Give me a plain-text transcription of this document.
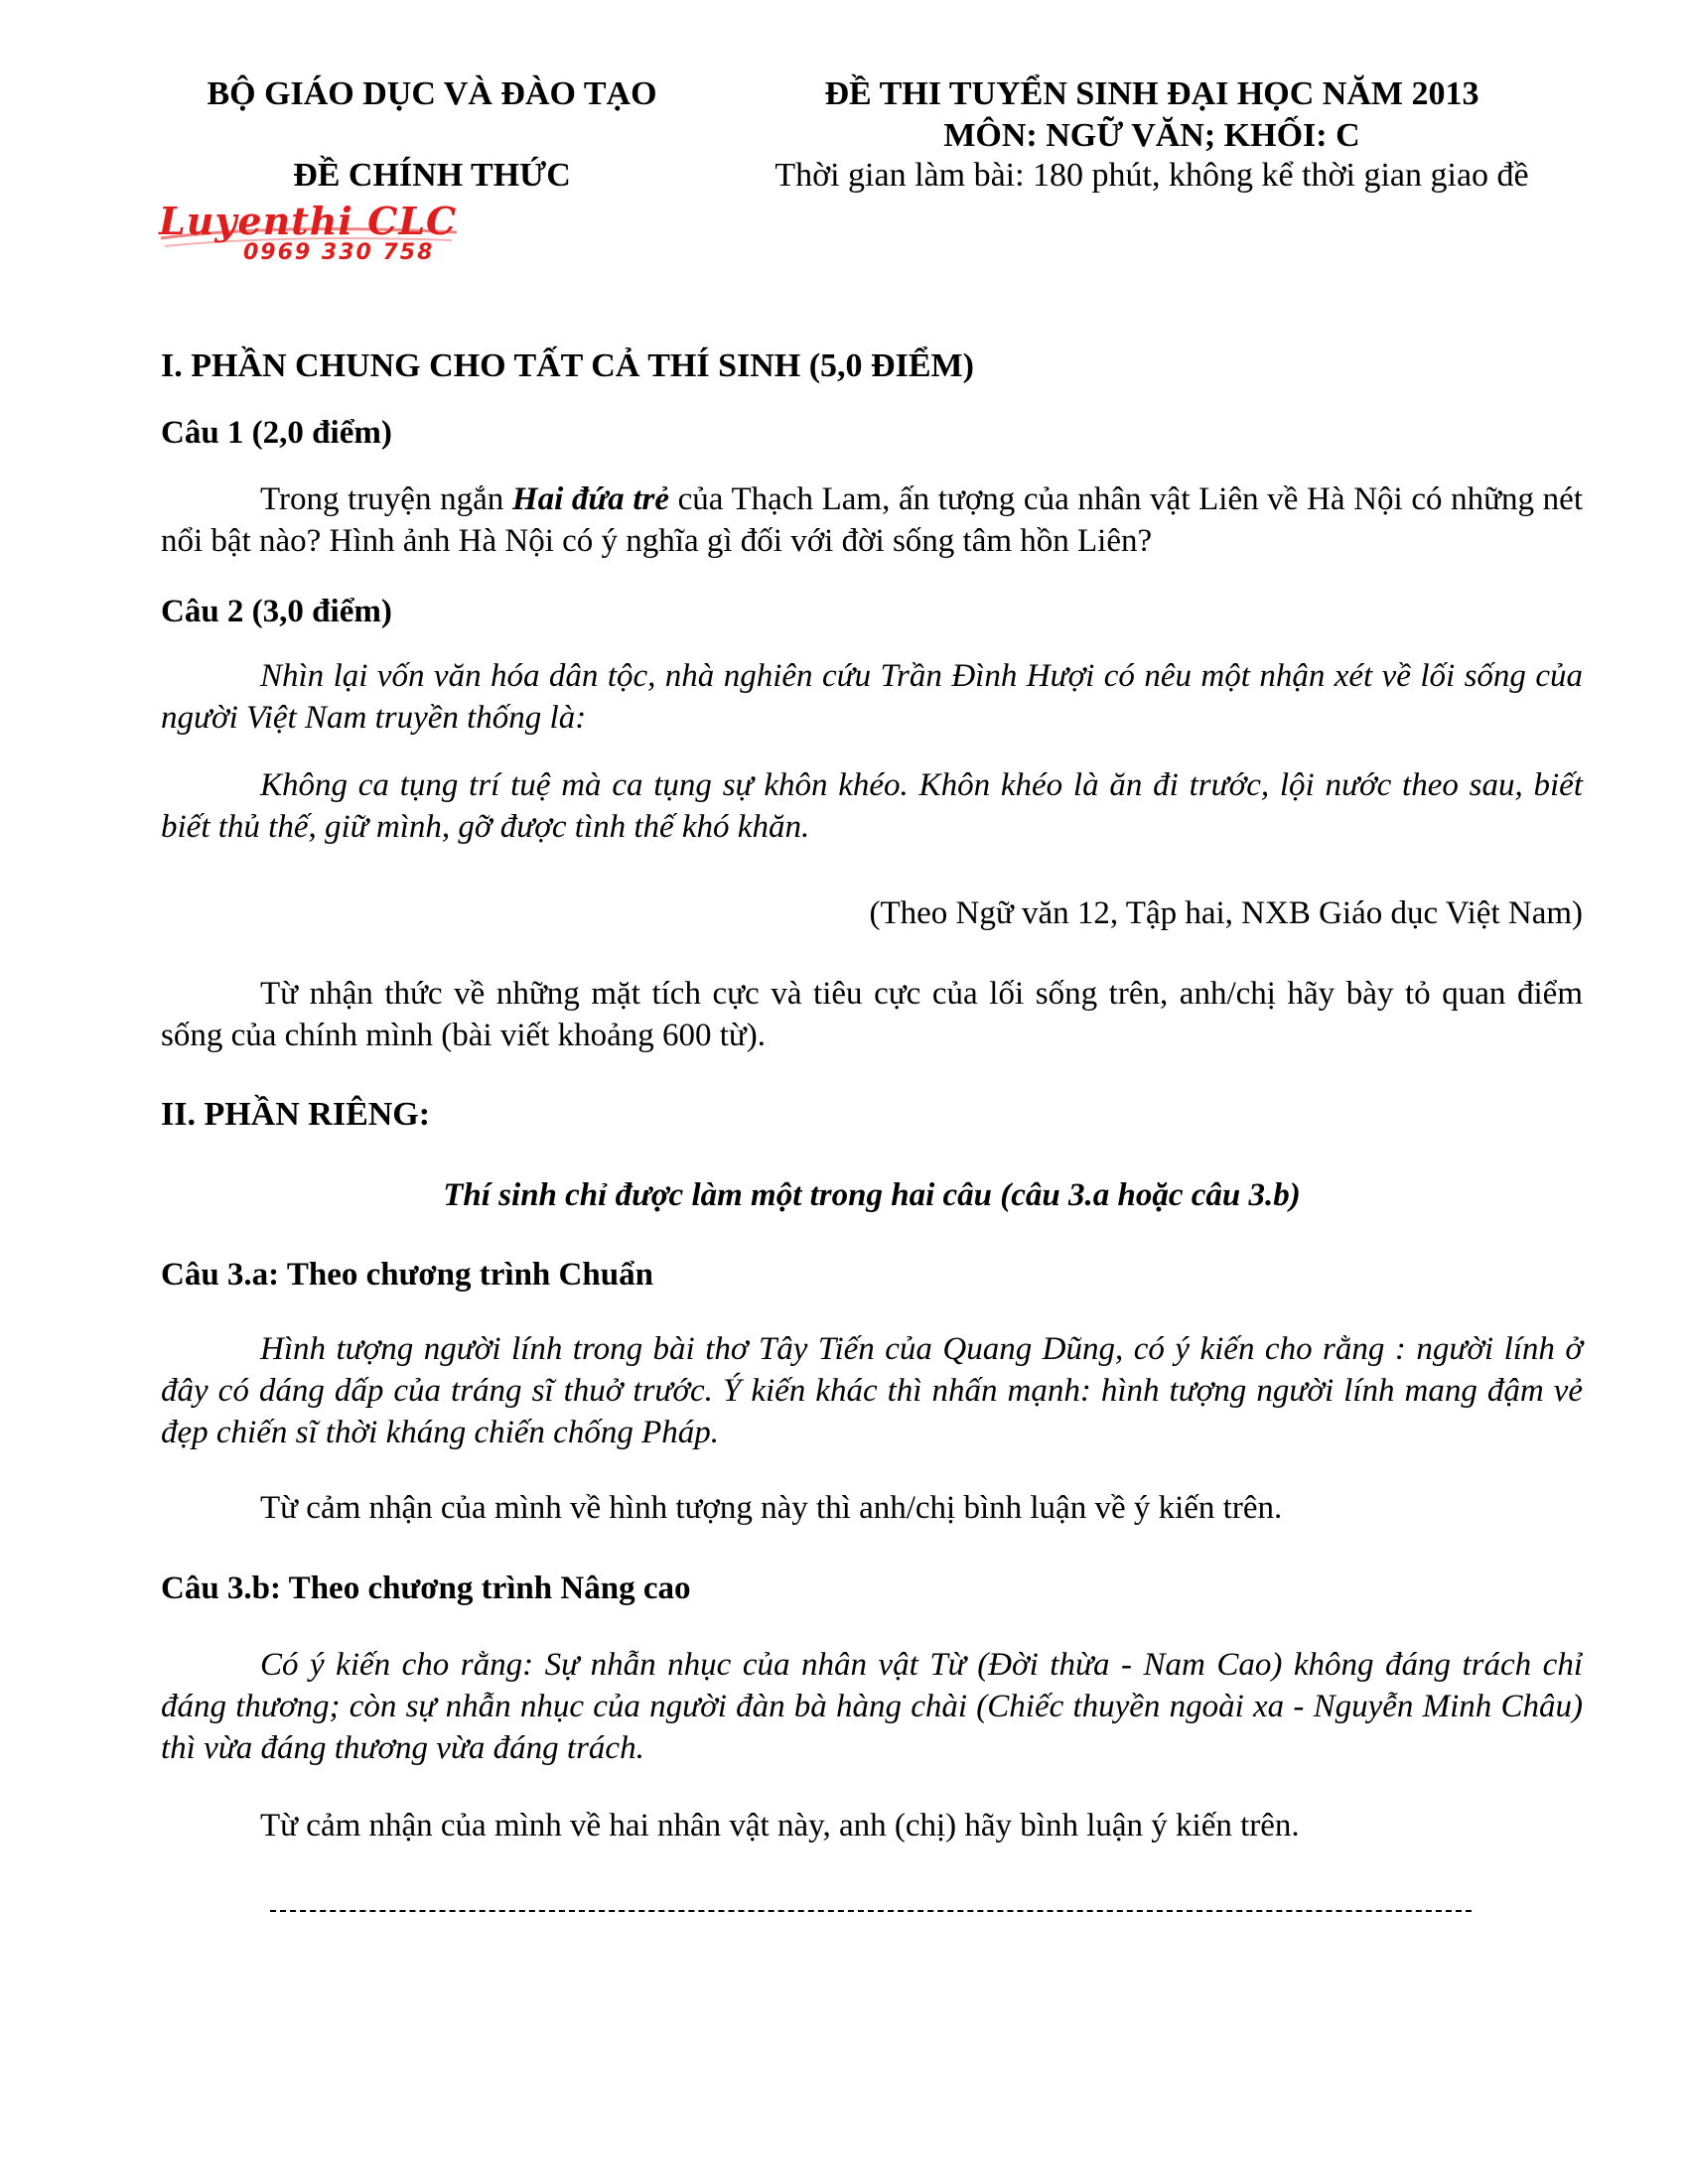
BỘ GIÁO DỤC VÀ ĐÀO TẠO
ĐỀ CHÍNH THỨC
ĐỀ THI TUYỂN SINH ĐẠI HỌC NĂM 2013
MÔN: NGỮ VĂN; KHỐI: C
Thời gian làm bài: 180 phút, không kể thời gian giao đề
Luyenthi CLC
0969 330 758
I. PHẦN CHUNG CHO TẤT CẢ THÍ SINH (5,0 ĐIỂM)
Câu 1 (2,0 điểm)

Trong truyện ngắn Hai đứa trẻ của Thạch Lam, ấn tượng của nhân vật Liên về Hà Nội có những nét nổi bật nào? Hình ảnh Hà Nội có ý nghĩa gì đối với đời sống tâm hồn Liên?

Câu 2 (3,0 điểm)

Nhìn lại vốn văn hóa dân tộc, nhà nghiên cứu Trần Đình Hượi có nêu một nhận xét về lối sống của người Việt Nam truyền thống là:

Không ca tụng trí tuệ mà ca tụng sự khôn khéo. Khôn khéo là ăn đi trước, lội nước theo sau, biết biết thủ thế, giữ mình, gỡ được tình thế khó khăn.

(Theo Ngữ văn 12, Tập hai, NXB Giáo dục Việt Nam)

Từ nhận thức về những mặt tích cực và tiêu cực của lối sống trên, anh/chị hãy bày tỏ quan điểm sống của chính mình (bài viết khoảng 600 từ).

II. PHẦN RIÊNG:

Thí sinh chỉ được làm một trong hai câu (câu 3.a hoặc câu 3.b)

Câu 3.a: Theo chương trình Chuẩn

Hình tượng người lính trong bài thơ Tây Tiến của Quang Dũng, có ý kiến cho rằng : người lính ở đây có dáng dấp của tráng sĩ thuở trước. Ý kiến khác thì nhấn mạnh: hình tượng người lính mang đậm vẻ đẹp chiến sĩ thời kháng chiến chống Pháp.

Từ cảm nhận của mình về hình tượng này thì anh/chị bình luận về ý kiến trên.

Câu 3.b: Theo chương trình Nâng cao

Có ý kiến cho rằng: Sự nhẫn nhục của nhân vật Từ (Đời thừa - Nam Cao) không đáng trách chỉ đáng thương; còn sự nhẫn nhục của người đàn bà hàng chài (Chiếc thuyền ngoài xa - Nguyễn Minh Châu) thì vừa đáng thương vừa đáng trách.

Từ cảm nhận của mình về hai nhân vật này, anh (chị) hãy bình luận ý kiến trên.
